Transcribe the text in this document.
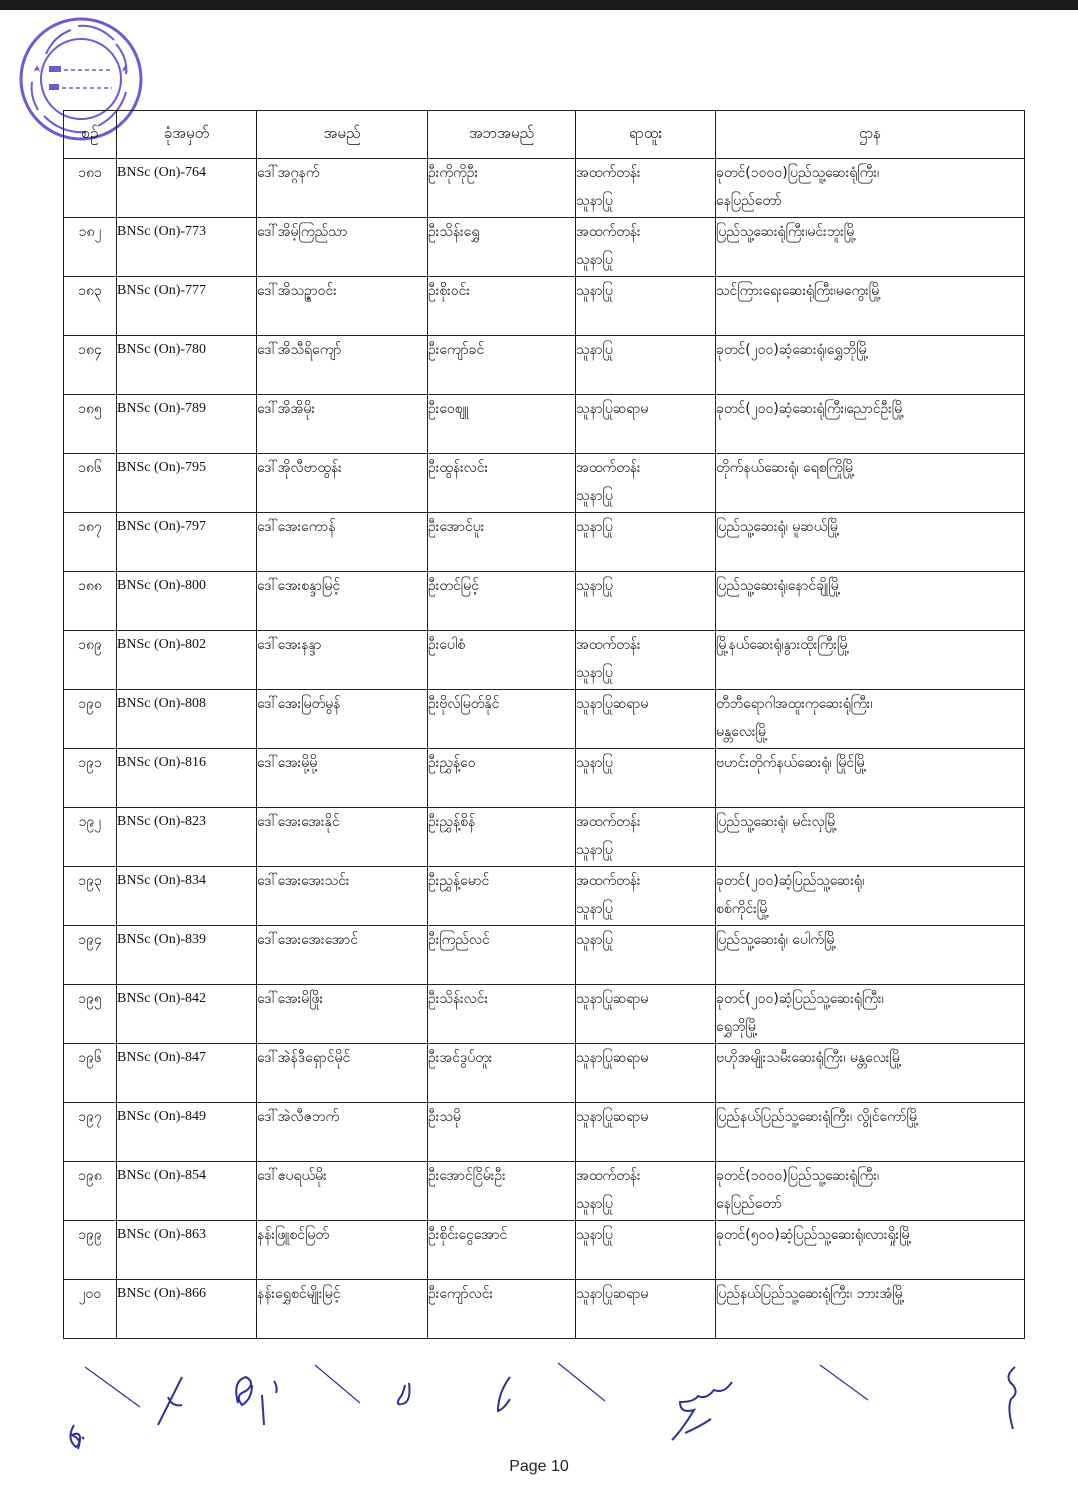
စဉ်	ခုံအမှတ်	အမည်	အဘအမည်	ရာထူး	ဌာန
၁၈၁	BNSc (On)-764	ဒေါ်အဂ္ဂနက်	ဦးကိုကိုဦး	အထက်တန်း
သူနာပြု	ခုတင်(၁၀၀၀)ပြည်သူ့ဆေးရုံကြီး၊
နေပြည်တော်

၁၈၂	BNSc (On)-773	ဒေါ်အိမ့်ကြည်သာ	ဦးသိန်းရွှေ	အထက်တန်း
သူနာပြု	ပြည်သူ့ဆေးရုံကြီး၊မင်းဘူးမြို့

၁၈၃	BNSc (On)-777	ဒေါ်အိသဥ္ဇာဝင်း	ဦးစိုးဝင်း	သူနာပြု	သင်ကြားရေးဆေးရုံကြီး၊မကွေးမြို့

၁၈၄	BNSc (On)-780	ဒေါ်အိသီရိကျော်	ဦးကျော်ခင်	သူနာပြု	ခုတင်(၂၀၀)ဆံ့ဆေးရုံ၊ရွှေဘိုမြို့

၁၈၅	BNSc (On)-789	ဒေါ်အိအိမိုး	ဦးဝေစျူ	သူနာပြုဆရာမ	ခုတင်(၂၀၀)ဆံ့ဆေးရုံကြီး၊ညောင်ဦးမြို့

၁၈၆	BNSc (On)-795	ဒေါ်အိုလီဗာထွန်း	ဦးထွန်းလင်း	အထက်တန်း
သူနာပြု	တိုက်နယ်ဆေးရုံ၊ ရေစကြိုမြို့

၁၈၇	BNSc (On)-797	ဒေါ်အေးကောန်	ဦးအောင်ပူး	သူနာပြု	ပြည်သူ့ဆေးရုံ၊ မူဆယ်မြို့

၁၈၈	BNSc (On)-800	ဒေါ်အေးစန္ဒာမြင့်	ဦးတင်မြင့်	သူနာပြု	ပြည်သူ့ဆေးရုံ၊နောင်ချိုမြို့

၁၈၉	BNSc (On)-802	ဒေါ်အေးနန္ဒာ	ဦးပေါစံ	အထက်တန်း
သူနာပြု	မြို့နယ်ဆေးရုံ၊နွားထိုးကြီးမြို့

၁၉၀	BNSc (On)-808	ဒေါ်အေးမြတ်မွန်	ဦးဗိုလ်မြတ်နိုင်	သူနာပြုဆရာမ	တီဘီရောဂါအထူးကုဆေးရုံကြီး၊
မန္တလေးမြို့

၁၉၁	BNSc (On)-816	ဒေါ်အေးမို့မို့	ဦးညွှန့်ဝေ	သူနာပြု	ဗဟင်းတိုက်နယ်ဆေးရုံ၊ မြိုင်မြို့

၁၉၂	BNSc (On)-823	ဒေါ်အေးအေးနိုင်	ဦးညွှန့်စိန်	အထက်တန်း
သူနာပြု	ပြည်သူ့ဆေးရုံ၊ မင်းလှမြို့

၁၉၃	BNSc (On)-834	ဒေါ်အေးအေးသင်း	ဦးညွှန့်မောင်	အထက်တန်း
သူနာပြု	ခုတင်(၂၀၀)ဆံ့ပြည်သူ့ဆေးရုံ၊
စစ်ကိုင်းမြို့

၁၉၄	BNSc (On)-839	ဒေါ်အေးအေးအောင်	ဦးကြည်လင်	သူနာပြု	ပြည်သူ့ဆေးရုံ၊ ပေါက်မြို့

၁၉၅	BNSc (On)-842	ဒေါ်အေးမိဖြိုး	ဦးသိန်းလင်း	သူနာပြုဆရာမ	ခုတင်(၂၀၀)ဆံ့ပြည်သူ့ဆေးရုံကြီး၊
ရွှေဘိုမြို့

၁၉၆	BNSc (On)-847	ဒေါ်အဲန်ဒီရှောင်မိုင်	ဦးအင်ဒွပ်တူး	သူနာပြုဆရာမ	ဗဟိုအမျိုးသမီးဆေးရုံကြီး၊ မန္တလေးမြို့

၁၉၇	BNSc (On)-849	ဒေါ်အဲလီဇဘက်	ဦးသမို	သူနာပြုဆရာမ	ပြည်နယ်ပြည်သူ့ဆေးရုံကြီး၊ လွိုင်ကော်မြို့

၁၉၈	BNSc (On)-854	ဒေါ်ဧပရယ်မိုး	ဦးအောင်ငြိမ်းဦး	အထက်တန်း
သူနာပြု	ခုတင်(၁၀၀၀)ပြည်သူ့ဆေးရုံကြီး၊
နေပြည်တော်

၁၉၉	BNSc (On)-863	နန်းဖြူစင်မြတ်	ဦးစိုင်းငွေအောင်	သူနာပြု	ခုတင်(၅၀၀)ဆံ့ပြည်သူ့ဆေးရုံ၊လားရှိုးမြို့

၂၀၀	BNSc (On)-866	နန်းရွှေစင်မျိုးမြင့်	ဦးကျော်လင်း	သူနာပြုဆရာမ	ပြည်နယ်ပြည်သူ့ဆေးရုံကြီး၊ ဘားအံမြို့
Page 10
